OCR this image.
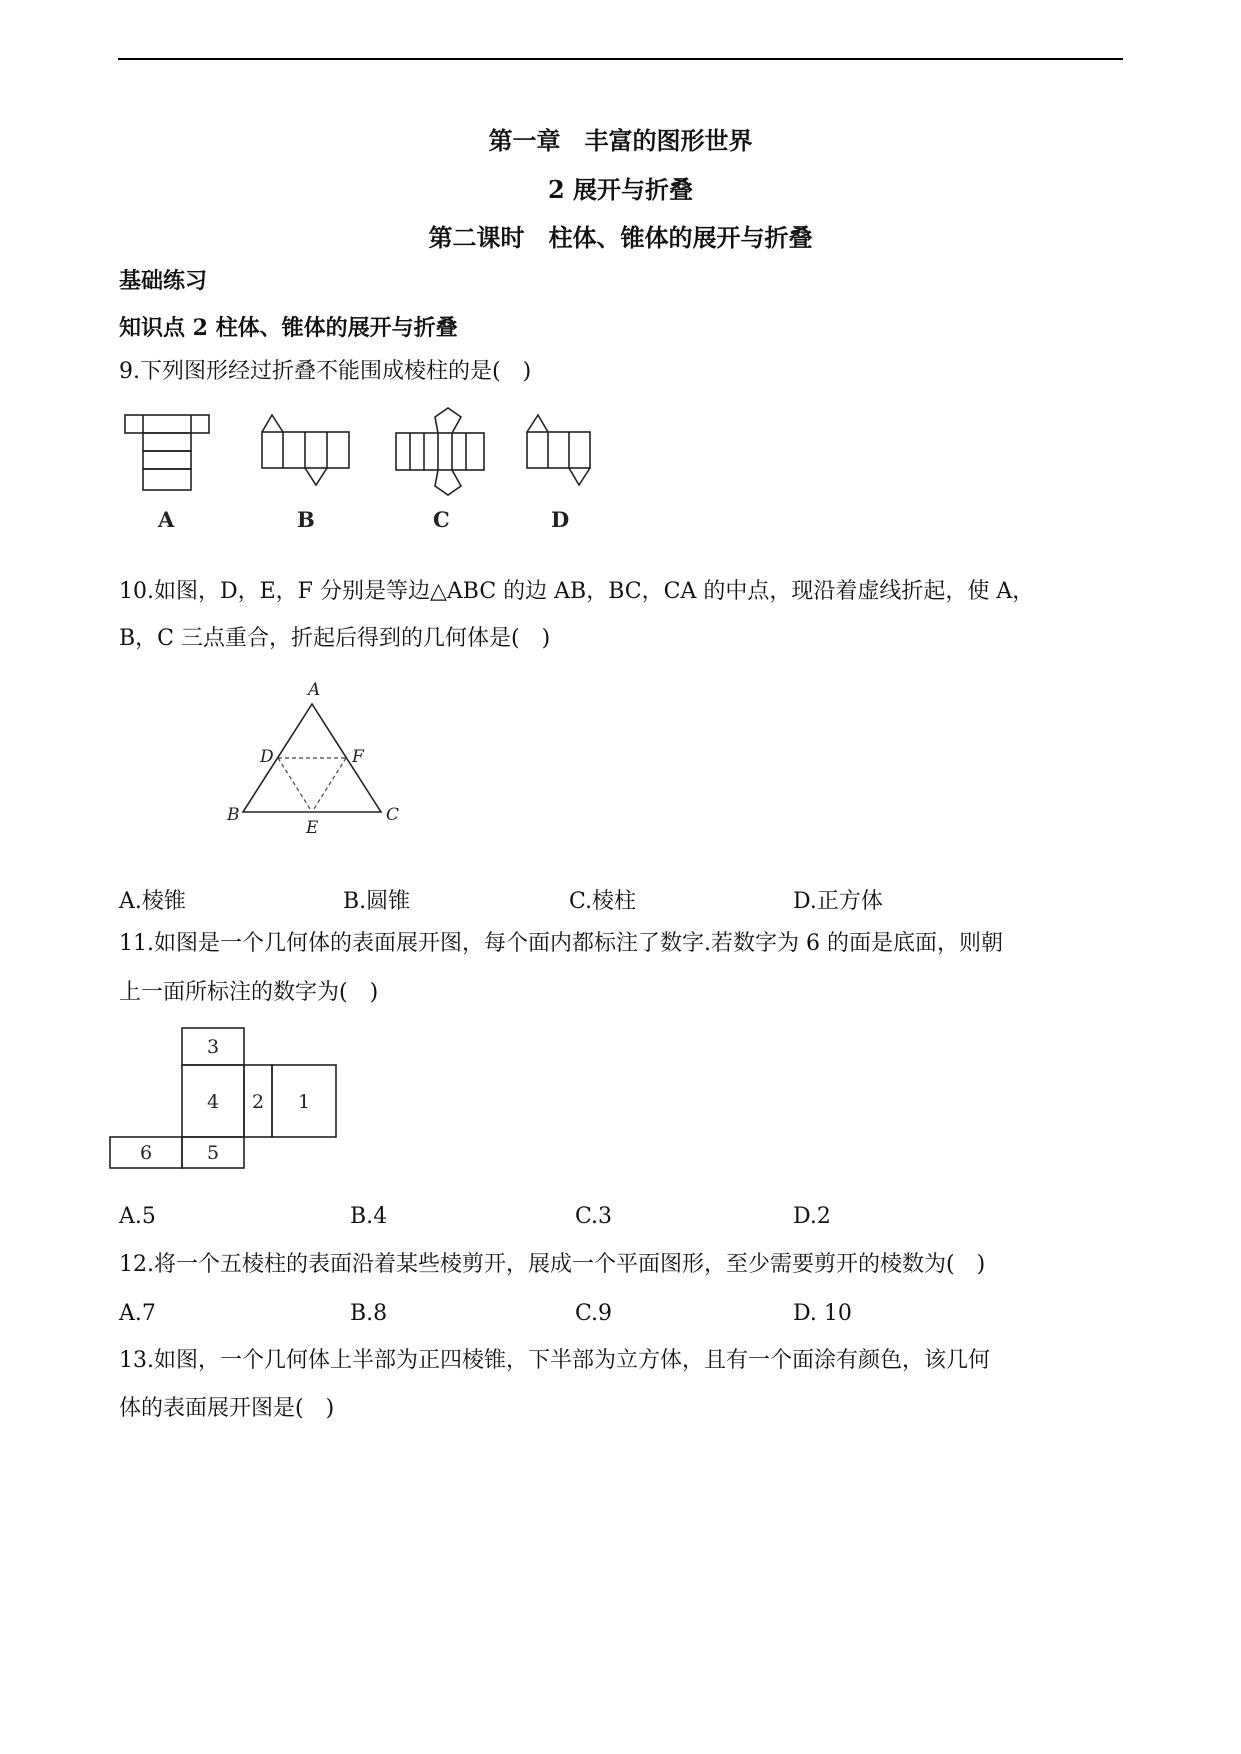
第一章　丰富的图形世界
2 展开与折叠
第二课时　柱体、锥体的展开与折叠
基础练习
知识点 2 柱体、锥体的展开与折叠
9.下列图形经过折叠不能围成棱柱的是(　)
A	B	C	D
10.如图，D，E，F 分别是等边△ABC 的边 AB，BC，CA 的中点，现沿着虚线折起，使 A，
B，C 三点重合，折起后得到的几何体是(　)
A
D	F
B
E
C
A.棱锥	B.圆锥	C.棱柱	D.正方体
11.如图是一个几何体的表面展开图，每个面内都标注了数字.若数字为 6 的面是底面，则朝
上一面所标注的数字为(　)
3
4 2 1
6	5
A.5	B.4	C.3	D.2
12.将一个五棱柱的表面沿着某些棱剪开，展成一个平面图形，至少需要剪开的棱数为(　)
A.7	B.8	C.9	D. 10
13.如图，一个几何体上半部为正四棱锥，下半部为立方体，且有一个面涂有颜色，该几何
体的表面展开图是(　)
